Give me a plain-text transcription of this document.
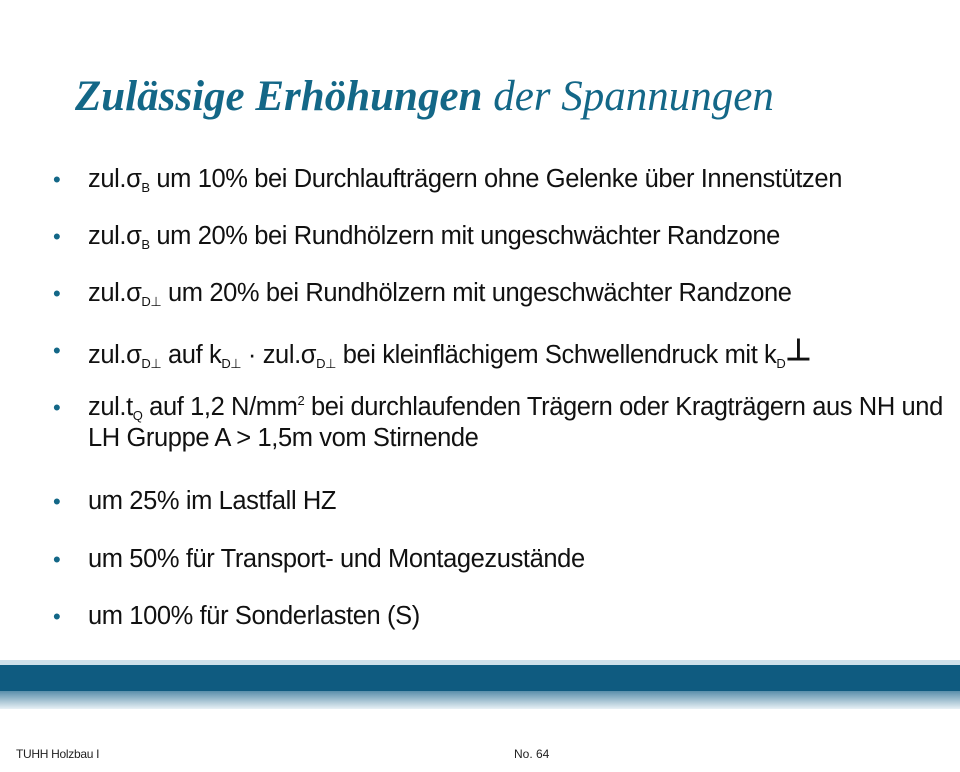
Zulässige Erhöhungen der Spannungen
• $zul.\sigma_B$ um 10% bei Durchlaufträgern ohne Gelenke über Innenstützen
• $zul.\sigma_B$ um 20% bei Rundhölzern mit ungeschwächter Randzone
• $zul.\sigma_{D\perp}$ um 20% bei Rundhölzern mit ungeschwächter Randzone
• $zul.\sigma_{D\perp}$ auf $k_{D\perp} \cdot zul.\sigma_{D\perp}$ bei kleinflächigem Schwellendruck mit $k_D\perp$
• $zul.t_Q$ auf 1,2 $N/mm^2$ bei durchlaufenden Trägern oder Kragträgern aus NH und LH Gruppe A > 1,5m vom Stirnende
• um 25% im Lastfall HZ
• um 50% für Transport- und Montagezustände
• um 100% für Sonderlasten (S)
TUHH Holzbau I	No. 64
